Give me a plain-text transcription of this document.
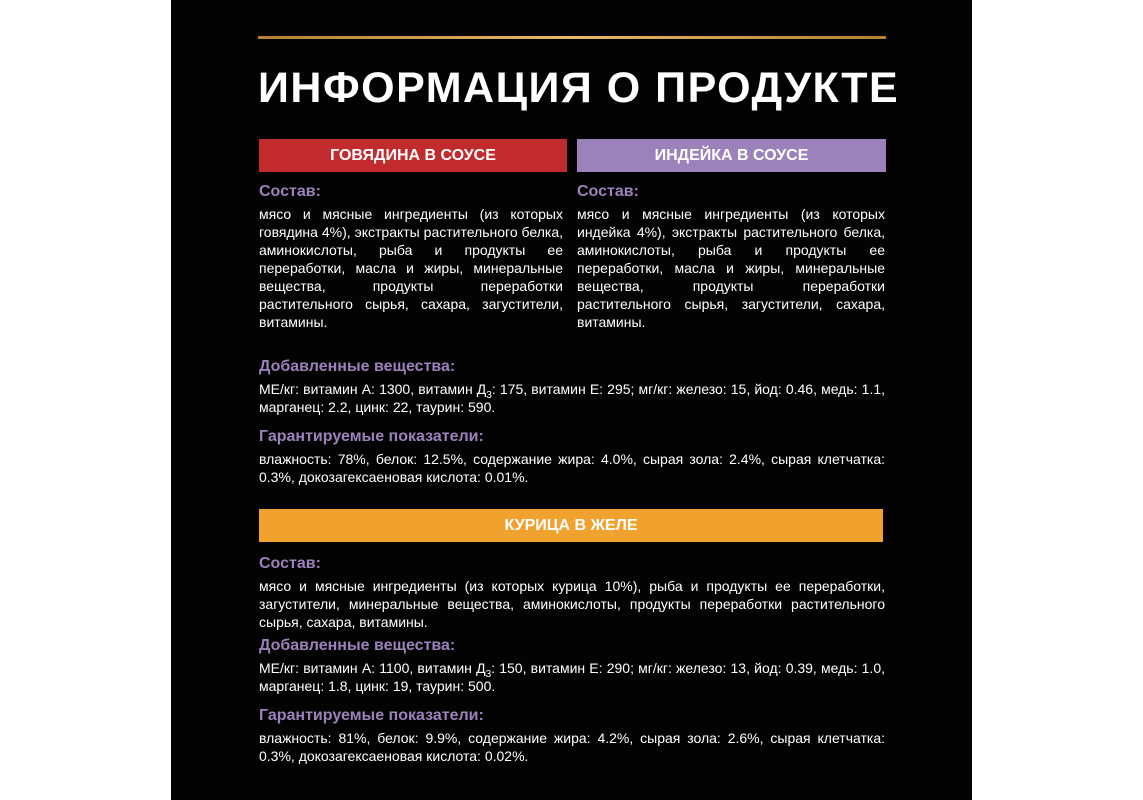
ИНФОРМАЦИЯ О ПРОДУКТЕ
ГОВЯДИНА В СОУСЕ	ИНДЕЙКА В СОУСЕ
Состав:
мясо и мясные ингредиенты (из которых говядина 4%), экстракты растительного белка, аминокислоты, рыба и продукты ее переработки, масла и жиры, минеральные вещества, продукты переработки растительного сырья, сахара, загустители, витамины.
Состав:
мясо и мясные ингредиенты (из которых индейка 4%), экстракты растительного белка, аминокислоты, рыба и продукты ее переработки, масла и жиры, минеральные вещества, продукты переработки растительного сырья, загустители, сахара, витамины.
Добавленные вещества:
МЕ/кг: витамин А: 1300, витамин $Д_3$: 175, витамин Е: 295; мг/кг: железо: 15, йод: 0.46, медь: 1.1, марганец: 2.2, цинк: 22, таурин: 590.
Гарантируемые показатели:
влажность: 78%, белок: 12.5%, содержание жира: 4.0%, сырая зола: 2.4%, сырая клетчатка: 0.3%, докозагексаеновая кислота: 0.01%.
КУРИЦА В ЖЕЛЕ
Состав:
мясо и мясные ингредиенты (из которых курица 10%), рыба и продукты ее переработки, загустители, минеральные вещества, аминокислоты, продукты переработки растительного сырья, сахара, витамины.
Добавленные вещества:
МЕ/кг: витамин А: 1100, витамин $Д_3$: 150, витамин Е: 290; мг/кг: железо: 13, йод: 0.39, медь: 1.0, марганец: 1.8, цинк: 19, таурин: 500.
Гарантируемые показатели:
влажность: 81%, белок: 9.9%, содержание жира: 4.2%, сырая зола: 2.6%, сырая клетчатка: 0.3%, докозагексаеновая кислота: 0.02%.
